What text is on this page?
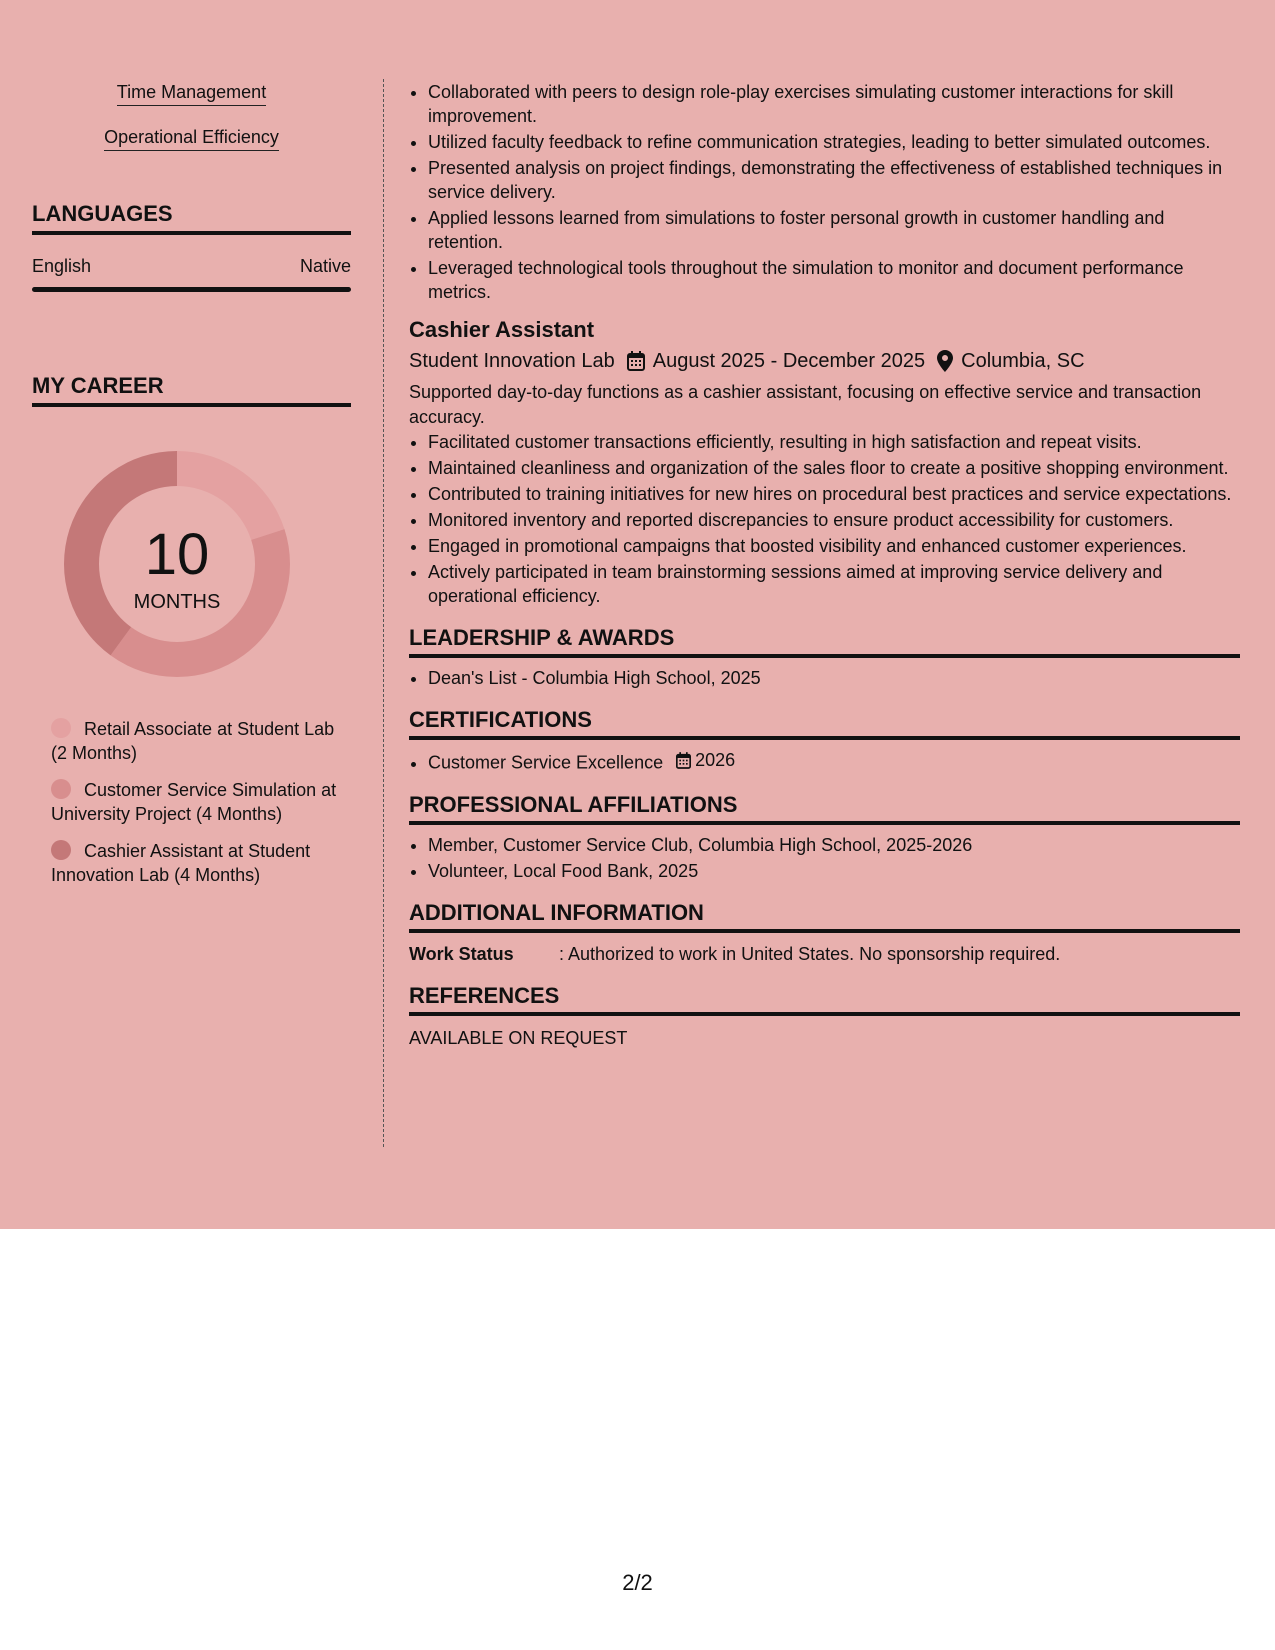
Time Management
Operational Efficiency
LANGUAGES
English	Native
MY CAREER
10
MONTHS
Retail Associate at Student Lab (2 Months)
Customer Service Simulation at University Project (4 Months)
Cashier Assistant at Student Innovation Lab (4 Months)
• Collaborated with peers to design role-play exercises simulating customer interactions for skill improvement.
• Utilized faculty feedback to refine communication strategies, leading to better simulated outcomes.
• Presented analysis on project findings, demonstrating the effectiveness of established techniques in service delivery.
• Applied lessons learned from simulations to foster personal growth in customer handling and retention.
• Leveraged technological tools throughout the simulation to monitor and document performance metrics.
Cashier Assistant
Student Innovation Lab August 2025 - December 2025 Columbia, SC
Supported day-to-day functions as a cashier assistant, focusing on effective service and transaction accuracy.
• Facilitated customer transactions efficiently, resulting in high satisfaction and repeat visits.
• Maintained cleanliness and organization of the sales floor to create a positive shopping environment.
• Contributed to training initiatives for new hires on procedural best practices and service expectations.
• Monitored inventory and reported discrepancies to ensure product accessibility for customers.
• Engaged in promotional campaigns that boosted visibility and enhanced customer experiences.
• Actively participated in team brainstorming sessions aimed at improving service delivery and operational efficiency.
LEADERSHIP & AWARDS
• Dean's List - Columbia High School, 2025
CERTIFICATIONS
• Customer Service Excellence 2026
PROFESSIONAL AFFILIATIONS
• Member, Customer Service Club, Columbia High School, 2025-2026
• Volunteer, Local Food Bank, 2025
ADDITIONAL INFORMATION
Work Status	: Authorized to work in United States. No sponsorship required.
REFERENCES
AVAILABLE ON REQUEST
2/2
